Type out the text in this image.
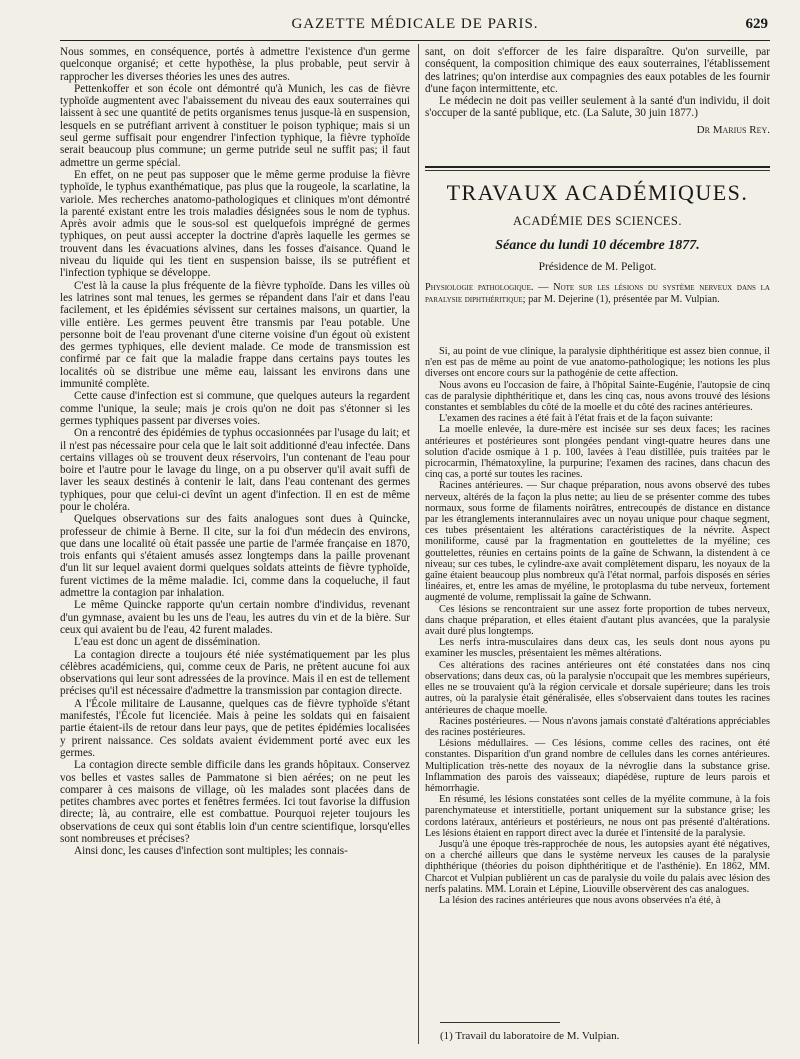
GAZETTE MÉDICALE DE PARIS.	629

Nous sommes, en conséquence, portés à admettre l'existence d'un germe quelconque organisé; et cette hypothèse, la plus probable, peut servir à rapprocher les diverses théories les unes des autres.

Pettenkoffer et son école ont démontré qu'à Munich, les cas de fièvre typhoïde augmentent avec l'abaissement du niveau des eaux souterraines qui laissent à sec une quantité de petits organismes tenus jusque-là en suspension, lesquels en se putréfiant arrivent à constituer le poison typhique; mais si un seul germe suffisait pour engendrer l'infection typhique, la fièvre typhoïde serait beaucoup plus commune; un germe putride seul ne suffit pas; il faut admettre un germe spécial.

En effet, on ne peut pas supposer que le même germe produise la fièvre typhoïde, le typhus exanthématique, pas plus que la rougeole, la scarlatine, la variole. Mes recherches anatomo-pathologiques et cliniques m'ont démontré la parenté existant entre les trois maladies désignées sous le nom de typhus. Après avoir admis que le sous-sol est quelquefois imprégné de germes typhiques, on peut aussi accepter la doctrine d'après laquelle les germes se trouvent dans les évacuations alvines, dans les fosses d'aisance. Quand le niveau du liquide qui les tient en suspension baisse, ils se putréfient et l'infection typhique se développe.

C'est là la cause la plus fréquente de la fièvre typhoïde. Dans les villes où les latrines sont mal tenues, les germes se répandent dans l'air et dans l'eau facilement, et les épidémies sévissent sur certaines maisons, un quartier, la ville entière. Les germes peuvent être transmis par l'eau potable. Une personne boit de l'eau provenant d'une citerne voisine d'un égout où existent des germes typhiques, elle devient malade. Ce mode de transmission est confirmé par ce fait que la maladie frappe dans certains pays toutes les localités où se distribue une même eau, laissant les environs dans une immunité complète.

Cette cause d'infection est si commune, que quelques auteurs la regardent comme l'unique, la seule; mais je crois qu'on ne doit pas s'étonner si les germes typhiques passent par diverses voies.

On a rencontré des épidémies de typhus occasionnées par l'usage du lait; et il n'est pas nécessaire pour cela que le lait soit additionné d'eau infectée. Dans certains villages où se trouvent deux réservoirs, l'un contenant de l'eau pour boire et l'autre pour le lavage du linge, on a pu observer qu'il avait suffi de laver les seaux destinés à contenir le lait, dans l'eau contenant des germes typhiques, pour que celui-ci devînt un agent d'infection. Il en est de même pour le choléra.

Quelques observations sur des faits analogues sont dues à Quincke, professeur de chimie à Berne. Il cite, sur la foi d'un médecin des environs, que dans une localité où était passée une partie de l'armée française en 1870, trois enfants qui s'étaient amusés assez longtemps dans la paille provenant d'un lit sur lequel avaient dormi quelques soldats atteints de fièvre typhoïde, furent victimes de la même maladie. Ici, comme dans la coqueluche, il faut admettre la contagion par inhalation.

Le même Quincke rapporte qu'un certain nombre d'individus, revenant d'un gymnase, avaient bu les uns de l'eau, les autres du vin et de la bière. Sur ceux qui avaient bu de l'eau, 42 furent malades.

L'eau est donc un agent de dissémination.

La contagion directe a toujours été niée systématiquement par les plus célèbres académiciens, qui, comme ceux de Paris, ne prêtent aucune foi aux observations qui leur sont adressées de la province. Mais il en est de tellement précises qu'il est nécessaire d'admettre la transmission par contagion directe.

A l'École militaire de Lausanne, quelques cas de fièvre typhoïde s'étant manifestés, l'École fut licenciée. Mais à peine les soldats qui en faisaient partie étaient-ils de retour dans leur pays, que de petites épidémies localisées y prirent naissance. Ces soldats avaient évidemment porté avec eux les germes.

La contagion directe semble difficile dans les grands hôpitaux. Conservez vos belles et vastes salles de Pammatone si bien aérées; on ne peut les comparer à ces maisons de village, où les malades sont placées dans de petites chambres avec portes et fenêtres fermées. Ici tout favorise la diffusion directe; là, au contraire, elle est combattue. Pourquoi rejeter toujours les observations de ceux qui sont établis loin d'un centre scientifique, lorsqu'elles sont nombreuses et précises?

Ainsi donc, les causes d'infection sont multiples; les connais-

sant, on doit s'efforcer de les faire disparaître. Qu'on surveille, par conséquent, la composition chimique des eaux souterraines, l'établissement des latrines; qu'on interdise aux compagnies des eaux potables de les fournir d'une façon intermittente, etc.

Le médecin ne doit pas veiller seulement à la santé d'un individu, il doit s'occuper de la santé publique, etc. (La Salute, 30 juin 1877.)

Dr Marius Rey.
TRAVAUX ACADÉMIQUES.
ACADÉMIE DES SCIENCES.
Séance du lundi 10 décembre 1877.
Présidence de M. Peligot.
Physiologie pathologique. — Note sur les lésions du système nerveux dans la paralysie diphthéritique; par M. Dejerine (1), présentée par M. Vulpian.

Si, au point de vue clinique, la paralysie diphthéritique est assez bien connue, il n'en est pas de même au point de vue anatomo-pathologique; les notions les plus diverses ont encore cours sur la pathogénie de cette affection.

Nous avons eu l'occasion de faire, à l'hôpital Sainte-Eugénie, l'autopsie de cinq cas de paralysie diphthéritique et, dans les cinq cas, nous avons trouvé des lésions constantes et semblables du côté de la moelle et du côté des racines antérieures.

L'examen des racines a été fait à l'état frais et de la façon suivante:

La moelle enlevée, la dure-mère est incisée sur ses deux faces; les racines antérieures et postérieures sont plongées pendant vingt-quatre heures dans une solution d'acide osmique à 1 p. 100, lavées à l'eau distillée, puis traitées par le picrocarmin, l'hématoxyline, la purpurine; l'examen des racines, dans chacun des cinq cas, a porté sur toutes les racines.

Racines antérieures. — Sur chaque préparation, nous avons observé des tubes nerveux, altérés de la façon la plus nette; au lieu de se présenter comme des tubes normaux, sous forme de filaments noirâtres, entrecoupés de distance en distance par les étranglements interannulaires avec un noyau unique pour chaque segment, ces tubes présentaient les altérations caractéristiques de la névrite. Aspect moniliforme, causé par la fragmentation en gouttelettes de la myéline; ces gouttelettes, réunies en certains points de la gaîne de Schwann, la distendent à ce niveau; sur ces tubes, le cylindre-axe avait complètement disparu, les noyaux de la gaîne étaient beaucoup plus nombreux qu'à l'état normal, parfois disposés en séries linéaires, et, entre les amas de myéline, le protoplasma du tube nerveux, fortement augmenté de volume, remplissait la gaîne de Schwann.

Ces lésions se rencontraient sur une assez forte proportion de tubes nerveux, dans chaque préparation, et elles étaient d'autant plus avancées, que la paralysie avait duré plus longtemps.

Les nerfs intra-musculaires dans deux cas, les seuls dont nous ayons pu examiner les muscles, présentaient les mêmes altérations.

Ces altérations des racines antérieures ont été constatées dans nos cinq observations; dans deux cas, où la paralysie n'occupait que les membres supérieurs, elles ne se trouvaient qu'à la région cervicale et dorsale supérieure; dans les trois autres, où la paralysie était généralisée, elles s'observaient dans toutes les racines antérieures de chaque moelle.

Racines postérieures. — Nous n'avons jamais constaté d'altérations appréciables des racines postérieures.

Lésions médullaires. — Ces lésions, comme celles des racines, ont été constantes. Disparition d'un grand nombre de cellules dans les cornes antérieures. Multiplication très-nette des noyaux de la névroglie dans la substance grise. Inflammation des parois des vaisseaux; diapédèse, rupture de leurs parois et hémorrhagie.

En résumé, les lésions constatées sont celles de la myélite commune, à la fois parenchymateuse et interstitielle, portant uniquement sur la substance grise; les cordons latéraux, antérieurs et postérieurs, ne nous ont pas présenté d'altérations. Les lésions étaient en rapport direct avec la durée et l'intensité de la paralysie.

Jusqu'à une époque très-rapprochée de nous, les autopsies ayant été négatives, on a cherché ailleurs que dans le système nerveux les causes de la paralysie diphthérique (théories du poison diphthéritique et de l'asthénie). En 1862, MM. Charcot et Vulpian publièrent un cas de paralysie du voile du palais avec lésion des nerfs palatins. MM. Lorain et Lépine, Liouville observèrent des cas analogues.

La lésion des racines antérieures que nous avons observées n'a été, à

(1) Travail du laboratoire de M. Vulpian.
